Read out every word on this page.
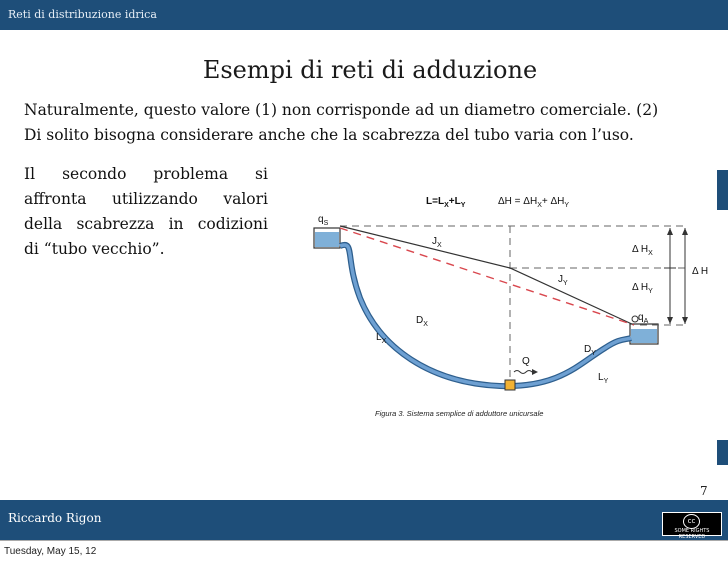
Reti di distribuzione idrica
Esempi di reti di adduzione
Naturalmente, questo valore (1) non corrisponde ad un diametro comerciale. (2)
Di solito bisogna considerare anche che la scabrezza del tubo varia con l’uso.
Il secondo problema si
affronta utilizzando valori
della scabrezza in codizioni
di “tubo vecchio”.
$L=L_X+L_Y$	$\Delta H = \Delta H_X+ \Delta H_Y$
$q_S$
$q_A$
$J_X$
$J_Y$
Δ $H_X$
Δ $H_Y$
Δ H
$D_X$
$D_Y$
$L_X$
$L_Y$
Q
Figura 3. Sistema semplice di adduttore unicursale
7
Riccardo Rigon	cc
SOME RIGHTS RESERVED
Tuesday, May 15, 12
